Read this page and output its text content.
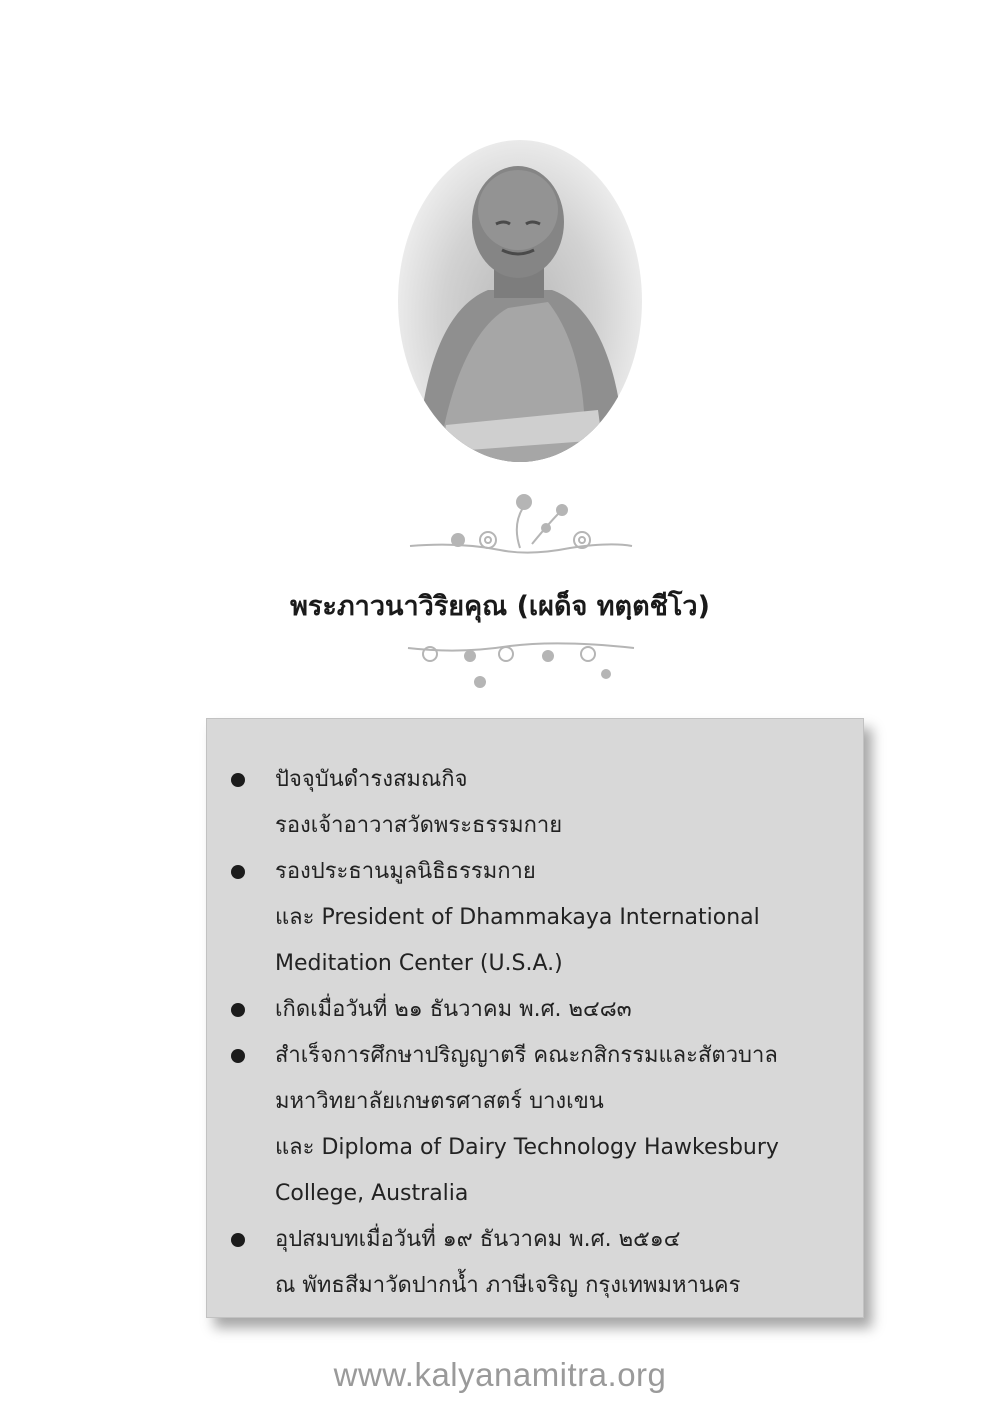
พระภาวนาวิริยคุณ (เผด็จ ทตฺตชีโว)
ปัจจุบันดำรงสมณกิจ
รองเจ้าอาวาสวัดพระธรรมกาย
รองประธานมูลนิธิธรรมกาย
และ President of Dhammakaya International
Meditation Center (U.S.A.)
เกิดเมื่อวันที่ ๒๑ ธันวาคม พ.ศ. ๒๔๘๓
สำเร็จการศึกษาปริญญาตรี คณะกสิกรรมและสัตวบาล
มหาวิทยาลัยเกษตรศาสตร์ บางเขน
และ Diploma of Dairy Technology Hawkesbury
College, Australia
อุปสมบทเมื่อวันที่ ๑๙ ธันวาคม พ.ศ. ๒๕๑๔
ณ พัทธสีมาวัดปากน้ำ ภาษีเจริญ กรุงเทพมหานคร
www.kalyanamitra.org
